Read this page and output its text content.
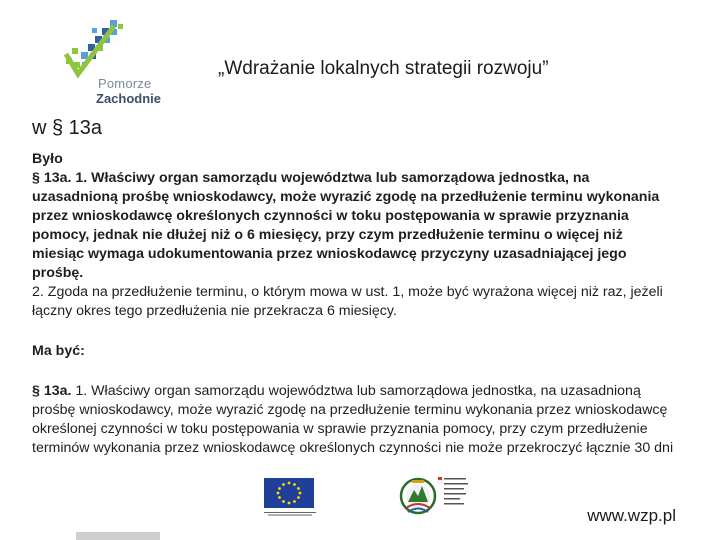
Pomorze
Zachodnie
„Wdrażanie lokalnych strategii rozwoju”
w § 13a

Było

§ 13a. 1. Właściwy organ samorządu województwa lub samorządowa jednostka, na uzasadnioną prośbę wnioskodawcy, może wyrazić zgodę na przedłużenie terminu wykonania przez wnioskodawcę określonych czynności w toku postępowania w sprawie przyznania pomocy, jednak nie dłużej niż o 6 miesięcy, przy czym przedłużenie terminu o więcej niż miesiąc wymaga udokumentowania przez wnioskodawcę przyczyny uzasadniającej jego prośbę.

2. Zgoda na przedłużenie terminu, o którym mowa w ust. 1, może być wyrażona więcej niż raz, jeżeli łączny okres tego przedłużenia nie przekracza 6 miesięcy.

Ma być:

§ 13a. 1. Właściwy organ samorządu województwa lub samorządowa jednostka, na uzasadnioną prośbę wnioskodawcy, może wyrazić zgodę na przedłużenie terminu wykonania przez wnioskodawcę określonej czynności w toku postępowania w sprawie przyznania pomocy, przy czym przedłużenie terminów wykonania przez wnioskodawcę określonych czynności nie może przekroczyć łącznie 30 dni

www.wzp.pl
